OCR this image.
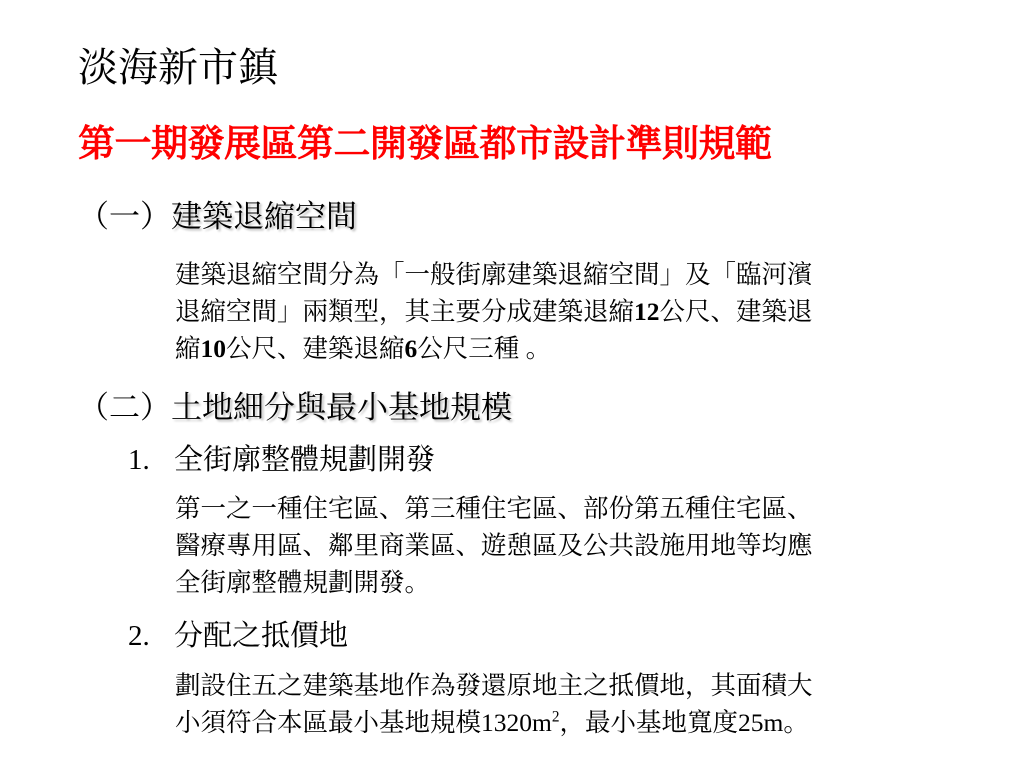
淡海新市鎮
第一期發展區第二開發區都市設計準則規範
（一）建築退縮空間
建築退縮空間分為「一般街廓建築退縮空間」及「臨河濱
退縮空間」兩類型，其主要分成建築退縮12公尺、建築退
縮10公尺、建築退縮6公尺三種 。
（二）土地細分與最小基地規模
1. 全街廓整體規劃開發
第一之一種住宅區、第三種住宅區、部份第五種住宅區、
醫療專用區、鄰里商業區、遊憩區及公共設施用地等均應
全街廓整體規劃開發。
2. 分配之抵價地
劃設住五之建築基地作為發還原地主之抵價地，其面積大
小須符合本區最小基地規模$1320m^2$，最小基地寬度25m。
